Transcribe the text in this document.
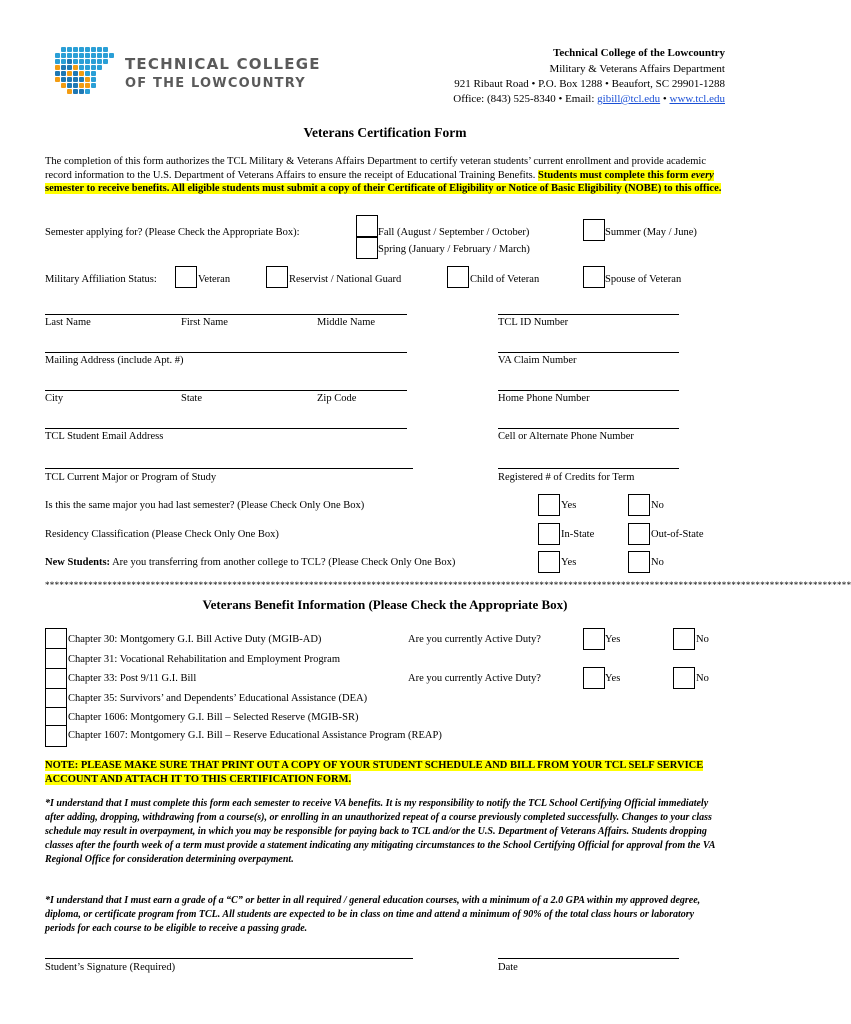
TECHNICAL COLLEGE
OF THE LOWCOUNTRY
Technical College of the Lowcountry
Military & Veterans Affairs Department
921 Ribaut Road • P.O. Box 1288 • Beaufort, SC 29901-1288
Office: (843) 525-8340 • Email: gibill@tcl.edu • www.tcl.edu
Veterans Certification Form
The completion of this form authorizes the TCL Military & Veterans Affairs Department to certify veteran students’ current enrollment and provide academic record information to the U.S. Department of Veterans Affairs to ensure the receipt of Educational Training Benefits. Students must complete this form every semester to receive benefits. All eligible students must submit a copy of their Certificate of Eligibility or Notice of Basic Eligibility (NOBE) to this office.
Semester applying for? (Please Check the Appropriate Box):	Fall (August / September / October)
Spring (January / February / March)
Summer (May / June)
Military Affiliation Status:	Veteran	Reservist / National Guard	Child of Veteran	Spouse of Veteran
Last Name	First Name	Middle Name	TCL ID Number
Mailing Address (include Apt. #)	VA Claim Number
City	State	Zip Code	Home Phone Number
TCL Student Email Address	Cell or Alternate Phone Number
TCL Current Major or Program of Study	Registered # of Credits for Term
Is this the same major you had last semester? (Please Check Only One Box)	Yes	No
Residency Classification (Please Check Only One Box)	In-State	Out-of-State
New Students: Are you transferring from another college to TCL? (Please Check Only One Box)	Yes	No
************************************************************************************************************************************************************************
Veterans Benefit Information (Please Check the Appropriate Box)
Chapter 30: Montgomery G.I. Bill Active Duty (MGIB-AD)	Are you currently Active Duty?	Yes	No
Chapter 31: Vocational Rehabilitation and Employment Program
Chapter 33: Post 9/11 G.I. Bill	Are you currently Active Duty?	Yes	No
Chapter 35: Survivors’ and Dependents’ Educational Assistance (DEA)
Chapter 1606: Montgomery G.I. Bill – Selected Reserve (MGIB-SR)
Chapter 1607: Montgomery G.I. Bill – Reserve Educational Assistance Program (REAP)
NOTE: PLEASE MAKE SURE THAT PRINT OUT A COPY OF YOUR STUDENT SCHEDULE AND BILL FROM YOUR TCL SELF SERVICE ACCOUNT AND ATTACH IT TO THIS CERTIFICATION FORM.
*I understand that I must complete this form each semester to receive VA benefits. It is my responsibility to notify the TCL School Certifying Official immediately after adding, dropping, withdrawing from a course(s), or enrolling in an unauthorized repeat of a course previously completed successfully. Changes to your class schedule may result in overpayment, in which you may be responsible for paying back to TCL and/or the U.S. Department of Veterans Affairs. Students dropping classes after the fourth week of a term must provide a statement indicating any mitigating circumstances to the School Certifying Official for approval from the VA Regional Office for consideration determining overpayment.
*I understand that I must earn a grade of a “C” or better in all required / general education courses, with a minimum of a 2.0 GPA within my approved degree, diploma, or certificate program from TCL. All students are expected to be in class on time and attend a minimum of 90% of the total class hours or laboratory periods for each course to be eligible to receive a passing grade.
Student’s Signature (Required)	Date
